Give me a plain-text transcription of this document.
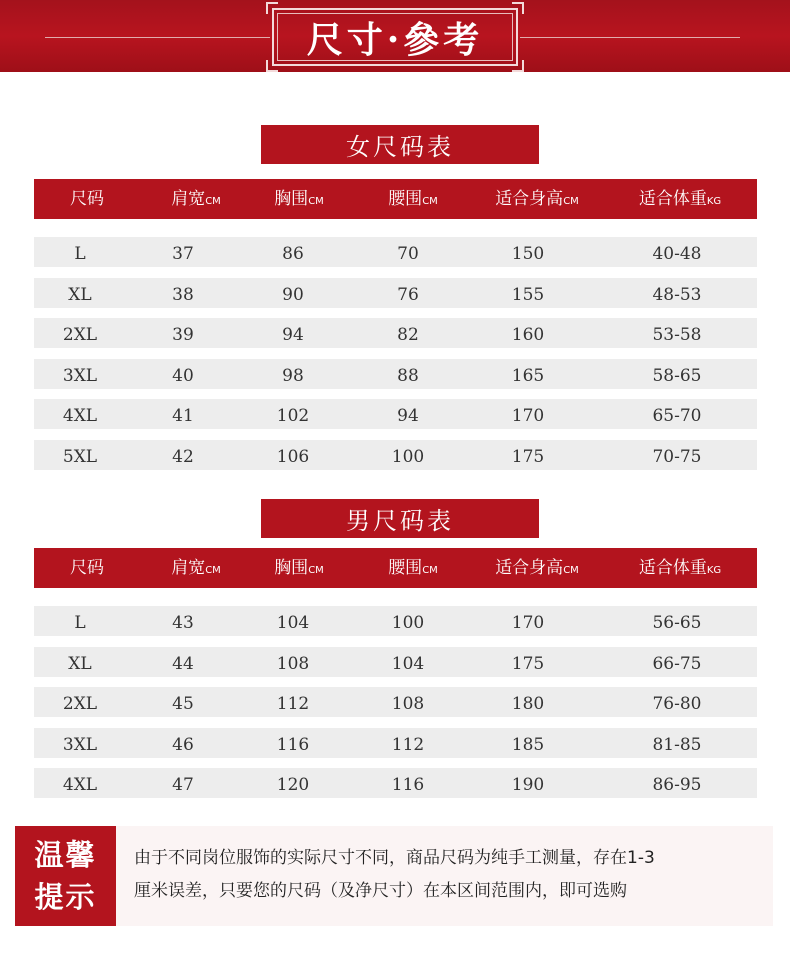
尺寸·參考
女尺码表
尺码	肩宽CM	胸围CM	腰围CM	适合身高CM	适合体重KG
L	37	86	70	150	40-48
XL	38	90	76	155	48-53
2XL	39	94	82	160	53-58
3XL	40	98	88	165	58-65
4XL	41	102	94	170	65-70
5XL	42	106	100	175	70-75
男尺码表
尺码	肩宽CM	胸围CM	腰围CM	适合身高CM	适合体重KG
L	43	104	100	170	56-65
XL	44	108	104	175	66-75
2XL	45	112	108	180	76-80
3XL	46	116	112	185	81-85
4XL	47	120	116	190	86-95
温馨
提示
由于不同岗位服饰的实际尺寸不同，商品尺码为纯手工测量，存在1-3
厘米误差，只要您的尺码（及净尺寸）在本区间范围内，即可选购
